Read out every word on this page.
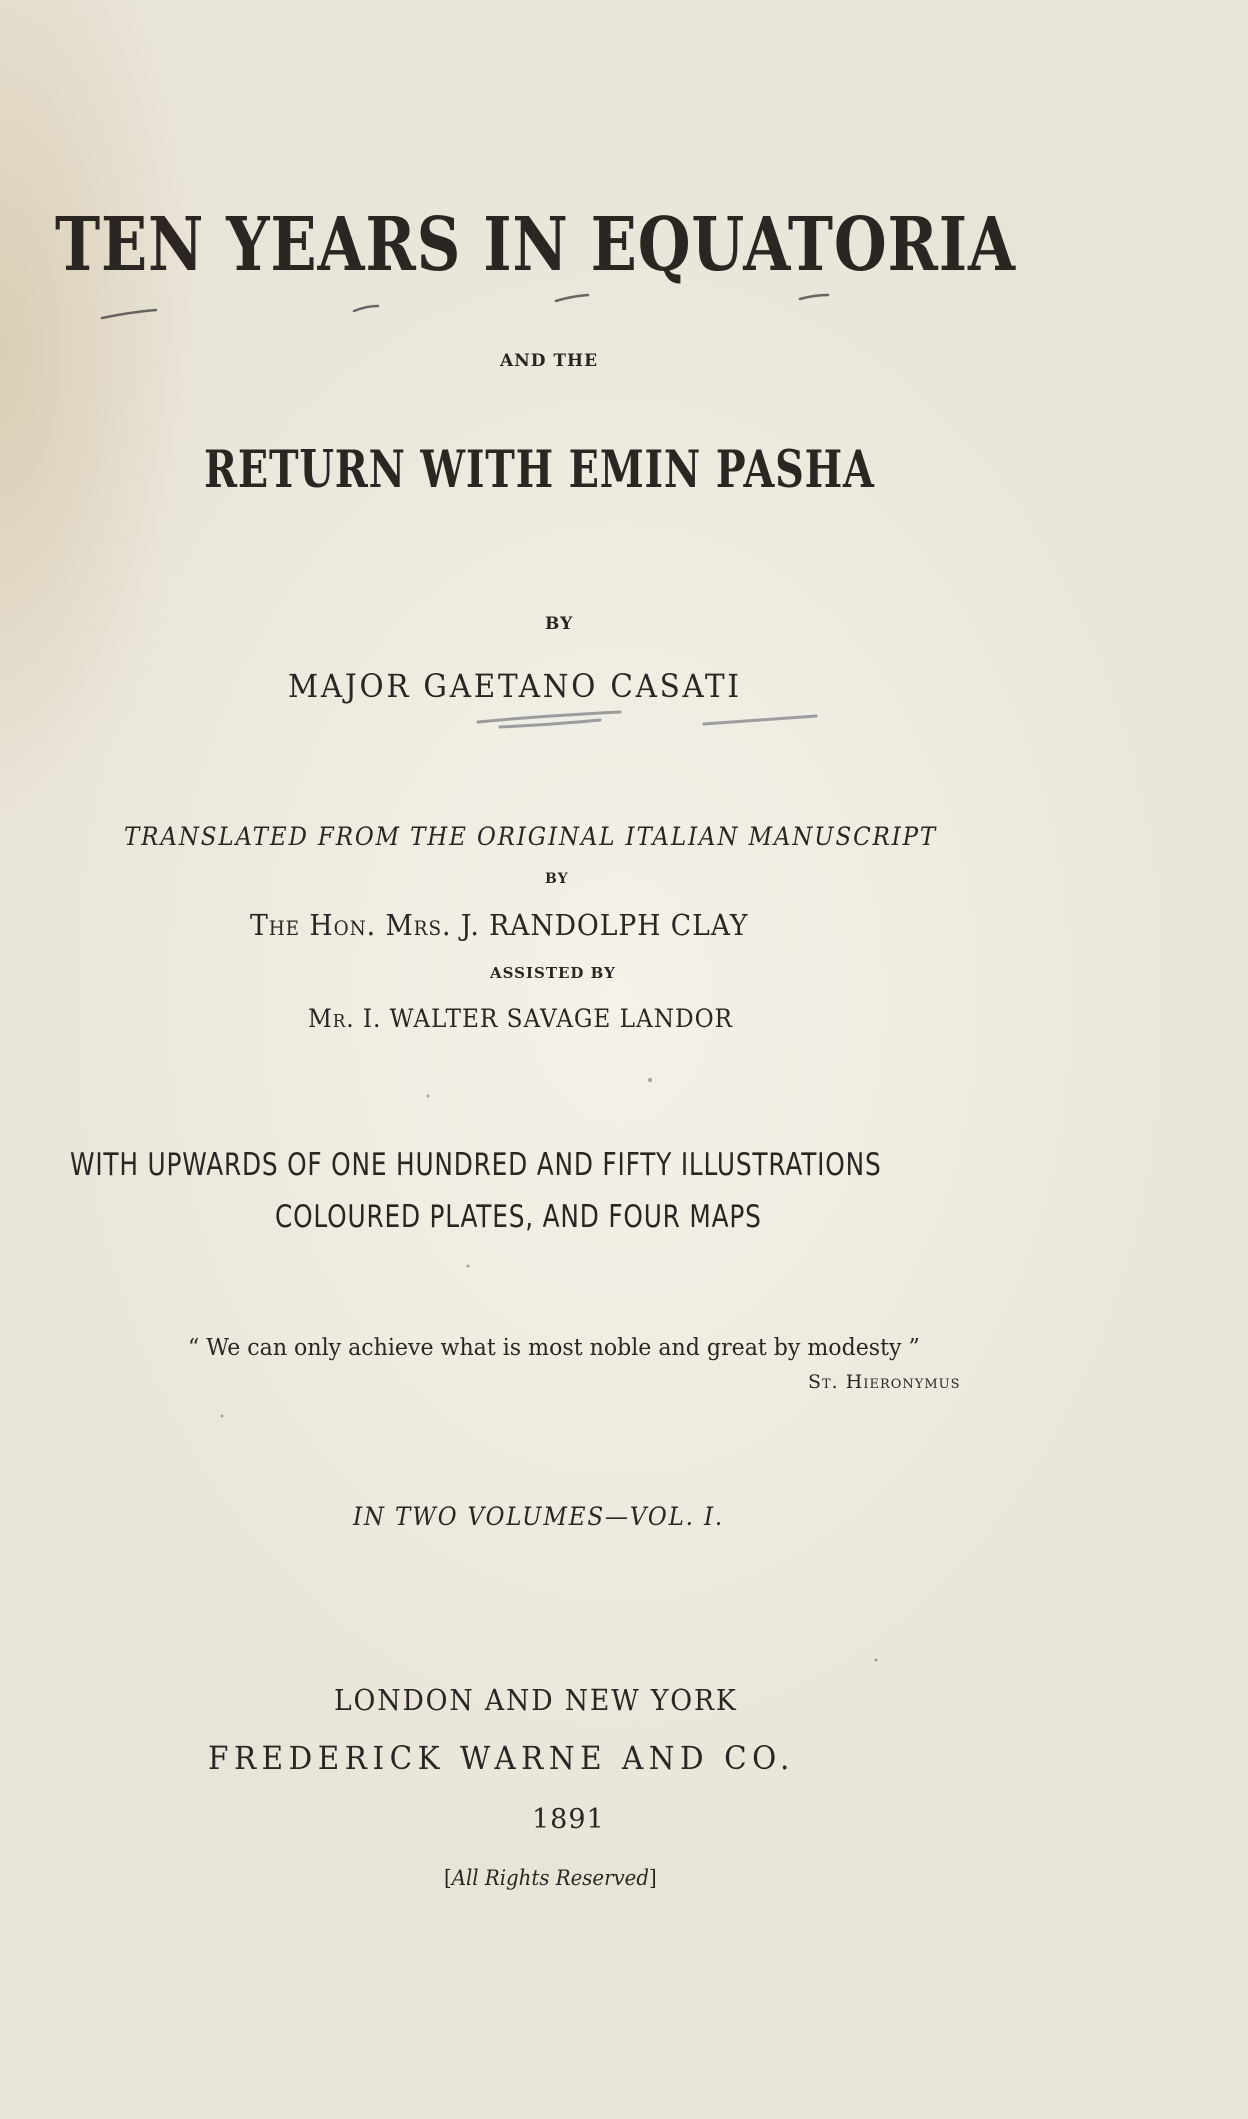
TEN YEARS IN EQUATORIA
AND THE
RETURN WITH EMIN PASHA
BY
MAJOR GAETANO CASATI
TRANSLATED FROM THE ORIGINAL ITALIAN MANUSCRIPT
BY
The Hon. Mrs. J. RANDOLPH CLAY
ASSISTED BY
Mr. I. WALTER SAVAGE LANDOR
WITH UPWARDS OF ONE HUNDRED AND FIFTY ILLUSTRATIONS
COLOURED PLATES, AND FOUR MAPS
“ We can only achieve what is most noble and great by modesty ”
St. Hieronymus
IN TWO VOLUMES—VOL. I.
LONDON AND NEW YORK
FREDERICK WARNE AND CO.
1891
[All Rights Reserved]
